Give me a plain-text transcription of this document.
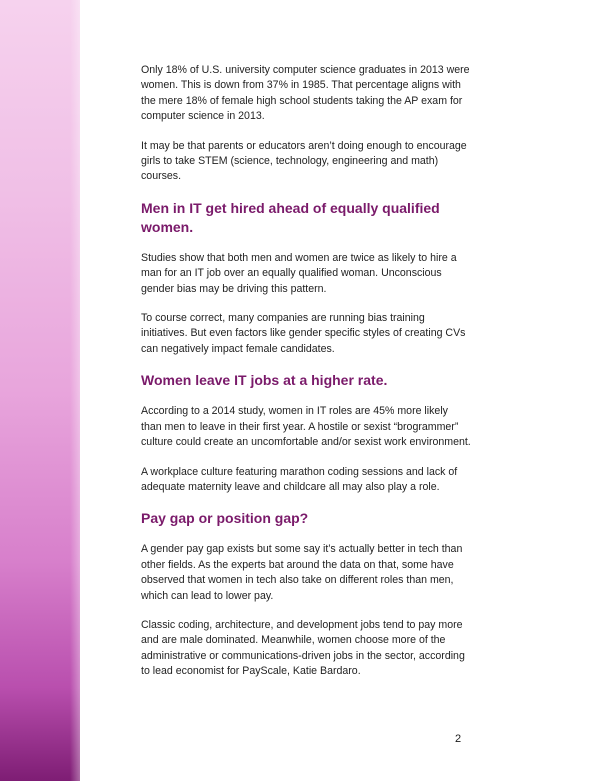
Only 18% of U.S. university computer science graduates in 2013 were women. This is down from 37% in 1985. That percentage aligns with the mere 18% of female high school students taking the AP exam for computer science in 2013.

It may be that parents or educators aren’t doing enough to encourage girls to take STEM (science, technology, engineering and math) courses.

Men in IT get hired ahead of equally qualified women.

Studies show that both men and women are twice as likely to hire a man for an IT job over an equally qualified woman. Unconscious gender bias may be driving this pattern.

To course correct, many companies are running bias training initiatives. But even factors like gender specific styles of creating CVs can negatively impact female candidates.

Women leave IT jobs at a higher rate.

According to a 2014 study, women in IT roles are 45% more likely than men to leave in their first year. A hostile or sexist “brogrammer” culture could create an uncomfortable and/or sexist work environment.

A workplace culture featuring marathon coding sessions and lack of adequate maternity leave and childcare all may also play a role.

Pay gap or position gap?

A gender pay gap exists but some say it’s actually better in tech than other fields. As the experts bat around the data on that, some have observed that women in tech also take on different roles than men, which can lead to lower pay.

Classic coding, architecture, and development jobs tend to pay more and are male dominated. Meanwhile, women choose more of the administrative or communications-driven jobs in the sector, according to lead economist for PayScale, Katie Bardaro.

2
